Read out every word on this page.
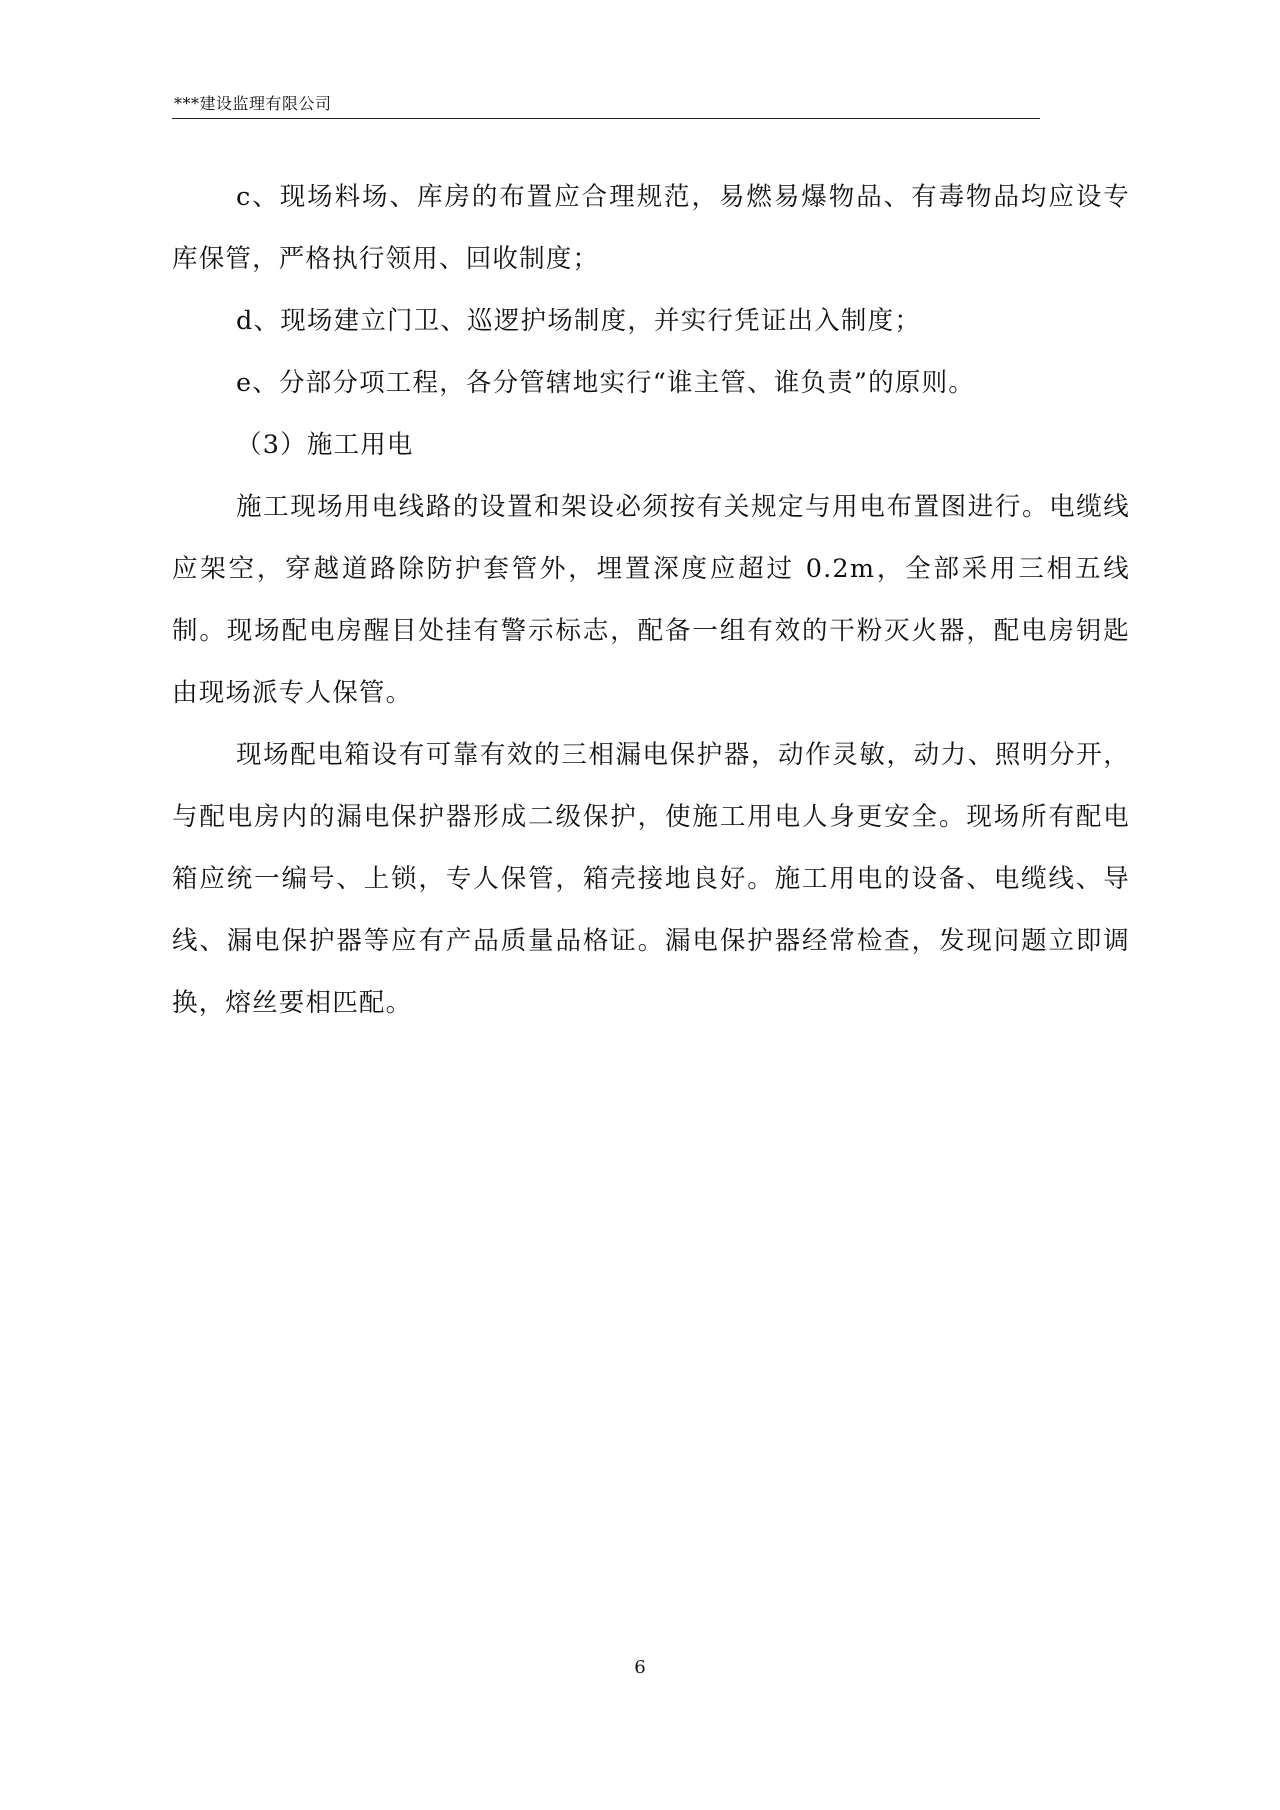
***建设监理有限公司

c、现场料场、库房的布置应合理规范，易燃易爆物品、有毒物品均应设专库保管，严格执行领用、回收制度；

d、现场建立门卫、巡逻护场制度，并实行凭证出入制度；

e、分部分项工程，各分管辖地实行“谁主管、谁负责”的原则。

（3）施工用电

施工现场用电线路的设置和架设必须按有关规定与用电布置图进行。电缆线应架空，穿越道路除防护套管外，埋置深度应超过 0.2m，全部采用三相五线制。现场配电房醒目处挂有警示标志，配备一组有效的干粉灭火器，配电房钥匙由现场派专人保管。

现场配电箱设有可靠有效的三相漏电保护器，动作灵敏，动力、照明分开，与配电房内的漏电保护器形成二级保护，使施工用电人身更安全。现场所有配电箱应统一编号、上锁，专人保管，箱壳接地良好。施工用电的设备、电缆线、导线、漏电保护器等应有产品质量品格证。漏电保护器经常检查，发现问题立即调换，熔丝要相匹配。

6
